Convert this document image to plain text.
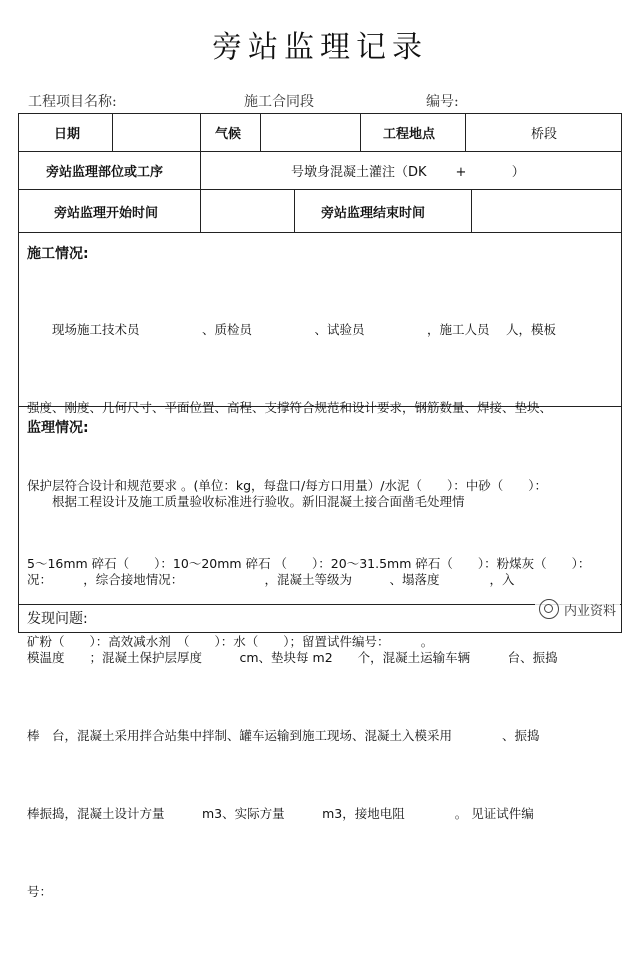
旁站监理记录
工程项目名称:	施工合同段	编号:
日期	气候	工程地点	桥段
旁站监理部位或工序	号墩身混凝土灌注（DK       +           ）
旁站监理开始时间	旁站监理结束时间
施工情况:

　　现场施工技术员　　　　　、质检员　　　　　、试验员　　　　　，施工人员　 人，模板

强度、刚度、几何尺寸、平面位置、高程、支撑符合规范和设计要求，钢筋数量、焊接、垫块、

保护层符合设计和规范要求 。(单位：kg，每盘口/每方口用量）/水泥（　　）：中砂（　　）：

5～16mm 碎石（　　）：10～20mm 碎石 （　　）：20～31.5mm 碎石（　　）：粉煤灰（　　）：

矿粉（　　）：高效减水剂　（　　）：水（　　）；留置试件编号：　　　。

监理情况:

　　根据工程设计及施工质量验收标准进行验收。新旧混凝土接合面凿毛处理情

况：　　　，综合接地情况：　　　　　　　，混凝土等级为　　　、塌落度　　　　，入

模温度　　；混凝土保护层厚度　　　cm、垫块每 m2　　个，混凝土运输车辆　　　台、振捣

棒　台，混凝土采用拌合站集中拌制、罐车运输到施工现场、混凝土入模采用　　　　、振捣

棒振捣，混凝土设计方量　　　m3、实际方量　　　m3，接地电阻　　　　。 见证试件编

号：　　　

发现问题:	内业资料
